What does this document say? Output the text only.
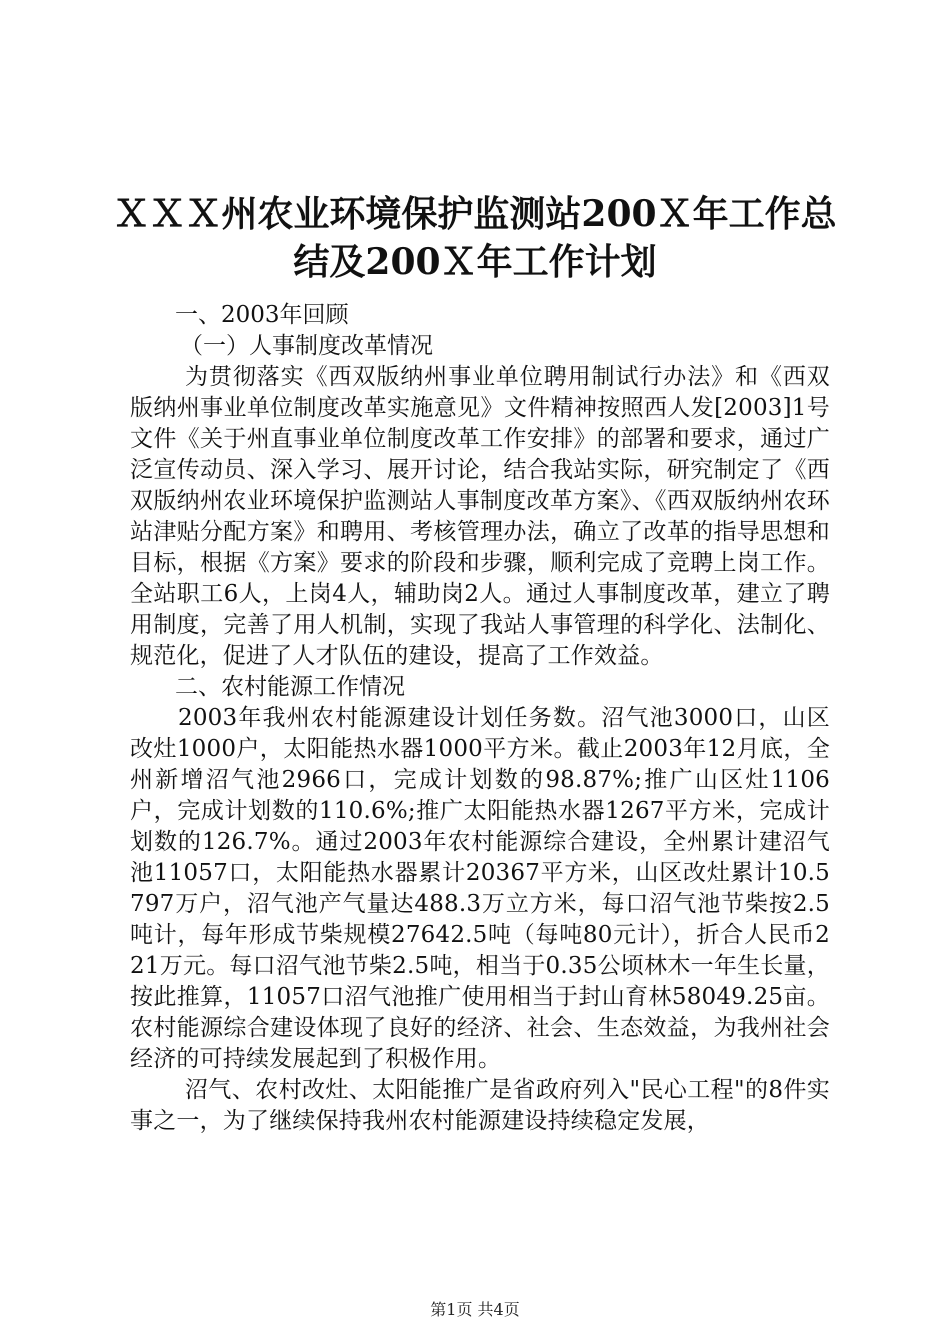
ＸＸＸ州农业环境保护监测站200Ｘ年工作总
结及200Ｘ年工作计划

一、2003年回顾

（一）人事制度改革情况

为贯彻落实《西双版纳州事业单位聘用制试行办法》和《西双版纳州事业单位制度改革实施意见》文件精神按照西人发[2003]1号文件《关于州直事业单位制度改革工作安排》的部署和要求，通过广泛宣传动员、深入学习、展开讨论，结合我站实际，研究制定了《西双版纳州农业环境保护监测站人事制度改革方案》、《西双版纳州农环站津贴分配方案》和聘用、考核管理办法，确立了改革的指导思想和目标，根据《方案》要求的阶段和步骤，顺利完成了竞聘上岗工作。全站职工6人，上岗4人，辅助岗2人。通过人事制度改革，建立了聘用制度，完善了用人机制，实现了我站人事管理的科学化、法制化、规范化，促进了人才队伍的建设，提高了工作效益。

二、农村能源工作情况

2003年我州农村能源建设计划任务数。沼气池3000口，山区改灶1000户，太阳能热水器1000平方米。截止2003年12月底，全州新增沼气池2966口，完成计划数的98.87%;推广山区灶1106户，完成计划数的110.6%;推广太阳能热水器1267平方米，完成计划数的126.7%。通过2003年农村能源综合建设，全州累计建沼气池11057口，太阳能热水器累计20367平方米，山区改灶累计10.5797万户，沼气池产气量达488.3万立方米，每口沼气池节柴按2.5吨计，每年形成节柴规模27642.5吨（每吨80元计），折合人民币221万元。每口沼气池节柴2.5吨，相当于0.35公顷林木一年生长量，按此推算，11057口沼气池推广使用相当于封山育林58049.25亩。农村能源综合建设体现了良好的经济、社会、生态效益，为我州社会经济的可持续发展起到了积极作用。

沼气、农村改灶、太阳能推广是省政府列入"民心工程"的8件实事之一，为了继续保持我州农村能源建设持续稳定发展，

第1页 共4页
